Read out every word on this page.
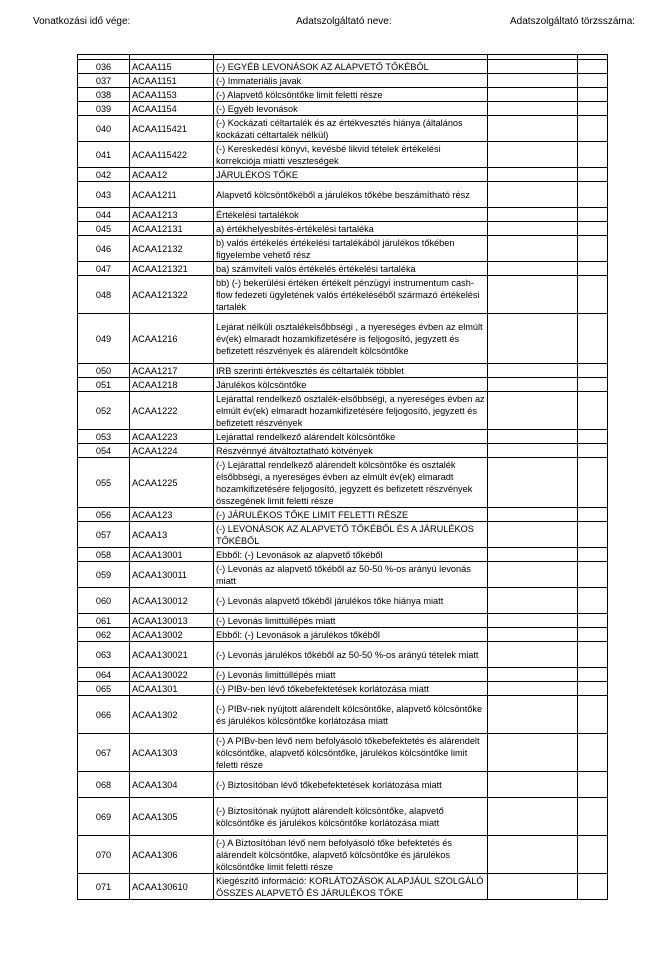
Vonatkozási idő vége:	Adatszolgáltató neve:	Adatszolgáltató törzsszáma:

036	ACAA115	(-) EGYÉB LEVONÁSOK AZ ALAPVETŐ TŐKÉBŐL		
037	ACAA1151	(-) Immateriális javak		
038	ACAA1153	(-) Alapvető kölcsöntőke limit feletti része		
039	ACAA1154	(-) Egyéb levonások		
040	ACAA115421	(-) Kockázati céltartalék és az értékvesztés hiánya (általános kockázati céltartalék nélkül)		
041	ACAA115422	(-) Kereskedési könyvi, kevésbé likvid tételek értékelési korrekciója miatti veszteségek		
042	ACAA12	JÁRULÉKOS TŐKE		
043	ACAA1211	Alapvető kölcsöntőkéből a járulékos tőkébe beszámítható rész		
044	ACAA1213	Értékelési tartalékok		
045	ACAA12131	a) értékhelyesbítés-értékelési tartaléka		
046	ACAA12132	b) valós értékelés értékelési tartalékából járulékos tőkében figyelembe vehető rész		
047	ACAA121321	ba) számviteli valós értékelés értékelési tartaléka		
048	ACAA121322	bb) (-) bekerülési értéken értékelt pénzügyi instrumentum cash-flow fedezeti ügyletének valós értékeléséből származó értékelési tartalék		
049	ACAA1216	Lejárat nélküli osztalékelsőbbségi , a nyereséges évben az elmúlt év(ek) elmaradt hozamkifizetésére is feljogosító, jegyzett és befizetett részvények és alárendelt kölcsöntőke		
050	ACAA1217	IRB szerinti értékvesztés és céltartalék többlet		
051	ACAA1218	Járulékos kölcsöntőke		
052	ACAA1222	Lejárattal rendelkező osztalék-elsőbbségi, a nyereséges évben az elmúlt év(ek) elmaradt hozamkifizetésére feljogosító, jegyzett és befizetett részvények		
053	ACAA1223	Lejárattal rendelkező alárendelt kölcsöntőke		
054	ACAA1224	Részvénnyé átváltoztatható kötvények		
055	ACAA1225	(-) Lejárattal rendelkező alárendelt kölcsöntőke és osztalék elsőbbségi, a nyereséges évben az elmúlt év(ek) elmaradt hozamkifizetésére feljogosító, jegyzett és befizetett részvények összegének limit feletti része		
056	ACAA123	(-) JÁRULÉKOS TŐKE LIMIT FELETTI RÉSZE		
057	ACAA13	(-) LEVONÁSOK AZ ALAPVETŐ TŐKÉBŐL ÉS A JÁRULÉKOS TŐKÉBŐL		
058	ACAA13001	Ebből: (-) Levonások az alapvető tőkéből		
059	ACAA130011	(-) Levonás az alapvető tőkéből az 50-50 %-os arányú levonás miatt		
060	ACAA130012	(-) Levonás alapvető tőkéből járulékos tőke hiánya miatt		
061	ACAA130013	(-) Levonás limittúllépés miatt		
062	ACAA13002	Ebből: (-) Levonások a járulékos tőkéből		
063	ACAA130021	(-) Levonás járulékos tőkéből az 50-50 %-os arányú tételek miatt		
064	ACAA130022	(-) Levonás limittúllépés miatt		
065	ACAA1301	(-) PIBv-ben lévő tőkebefektetések korlátozása miatt		
066	ACAA1302	(-) PIBv-nek nyújtott alárendelt kölcsöntőke, alapvető kölcsöntőke és járulékos kölcsöntőke korlátozása miatt		
067	ACAA1303	(-) A PIBv-ben lévő nem befolyásoló tőkebefektetés és alárendelt kölcsöntőke, alapvető kölcsöntőke, járulékos kölcsöntőke limit feletti része		
068	ACAA1304	(-) Biztosítóban lévő tőkebefektetések korlátozása miatt		
069	ACAA1305	(-) Biztosítónak nyújtott alárendelt kölcsöntőke, alapvető kölcsöntőke és járulékos kölcsöntőke korlátozása miatt		
070	ACAA1306	(-) A Biztosítóban lévő nem befolyásoló tőke befektetés és alárendelt kölcsöntőke, alapvető kölcsöntőke és járulékos kölcsöntőke limit feletti része		
071	ACAA130610	Kiegészítő információ: KORLÁTOZÁSOK ALAPJÁUL SZOLGÁLÓ ÖSSZES ALAPVETŐ ÉS JÁRULÉKOS TŐKE		
